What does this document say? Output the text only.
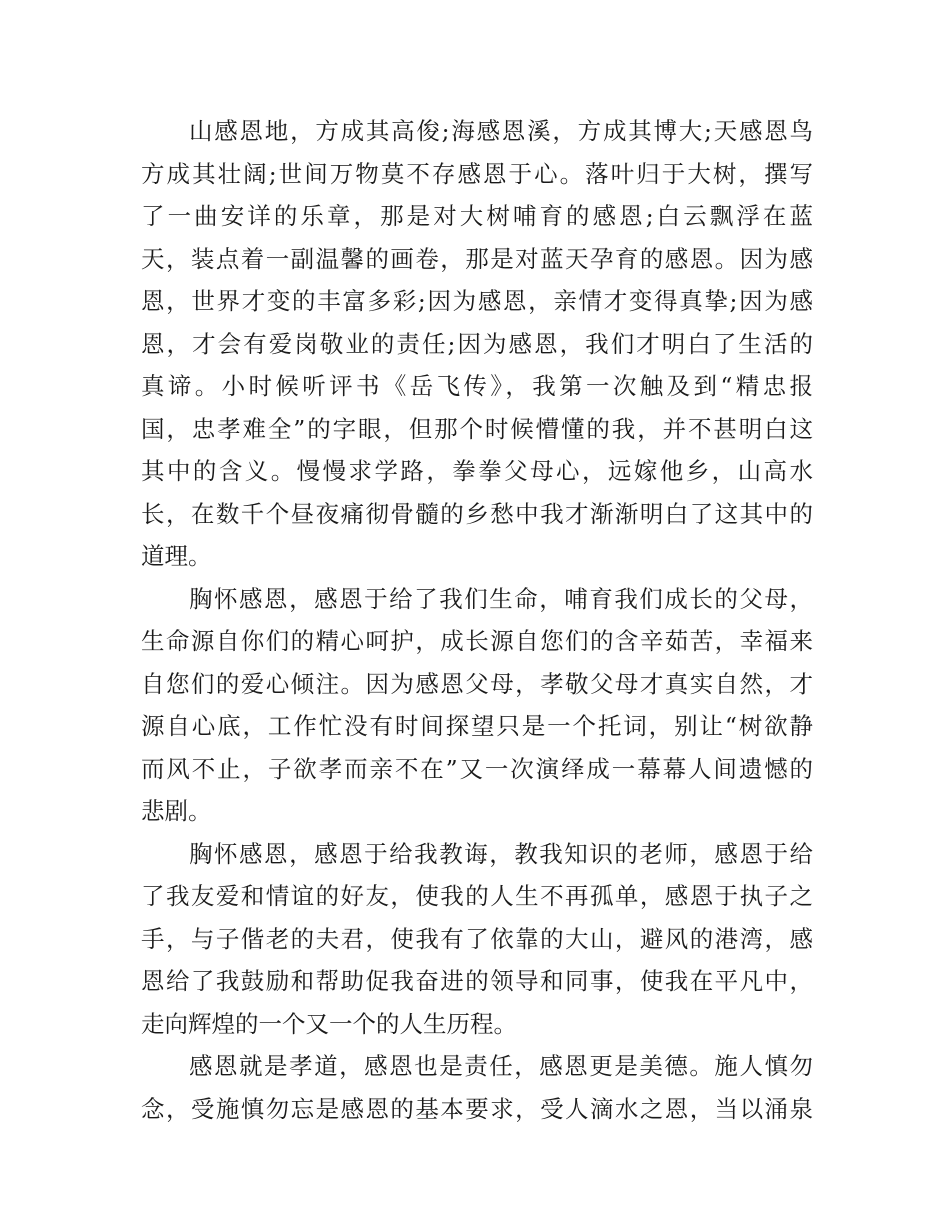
山感恩地，方成其高俊;海感恩溪，方成其博大;天感恩鸟
方成其壮阔;世间万物莫不存感恩于心。落叶归于大树，撰写
了一曲安详的乐章，那是对大树哺育的感恩;白云飘浮在蓝
天，装点着一副温馨的画卷，那是对蓝天孕育的感恩。因为感
恩，世界才变的丰富多彩;因为感恩，亲情才变得真挚;因为感
恩，才会有爱岗敬业的责任;因为感恩，我们才明白了生活的
真谛。小时候听评书《岳飞传》，我第一次触及到“精忠报
国，忠孝难全”的字眼，但那个时候懵懂的我，并不甚明白这
其中的含义。慢慢求学路，拳拳父母心，远嫁他乡，山高水
长，在数千个昼夜痛彻骨髓的乡愁中我才渐渐明白了这其中的
道理。
胸怀感恩，感恩于给了我们生命，哺育我们成长的父母，
生命源自你们的精心呵护，成长源自您们的含辛茹苦，幸福来
自您们的爱心倾注。因为感恩父母，孝敬父母才真实自然，才
源自心底，工作忙没有时间探望只是一个托词，别让“树欲静
而风不止，子欲孝而亲不在”又一次演绎成一幕幕人间遗憾的
悲剧。
胸怀感恩，感恩于给我教诲，教我知识的老师，感恩于给
了我友爱和情谊的好友，使我的人生不再孤单，感恩于执子之
手，与子偕老的夫君，使我有了依靠的大山，避风的港湾，感
恩给了我鼓励和帮助促我奋进的领导和同事，使我在平凡中，
走向辉煌的一个又一个的人生历程。
感恩就是孝道，感恩也是责任，感恩更是美德。施人慎勿
念，受施慎勿忘是感恩的基本要求，受人滴水之恩，当以涌泉
